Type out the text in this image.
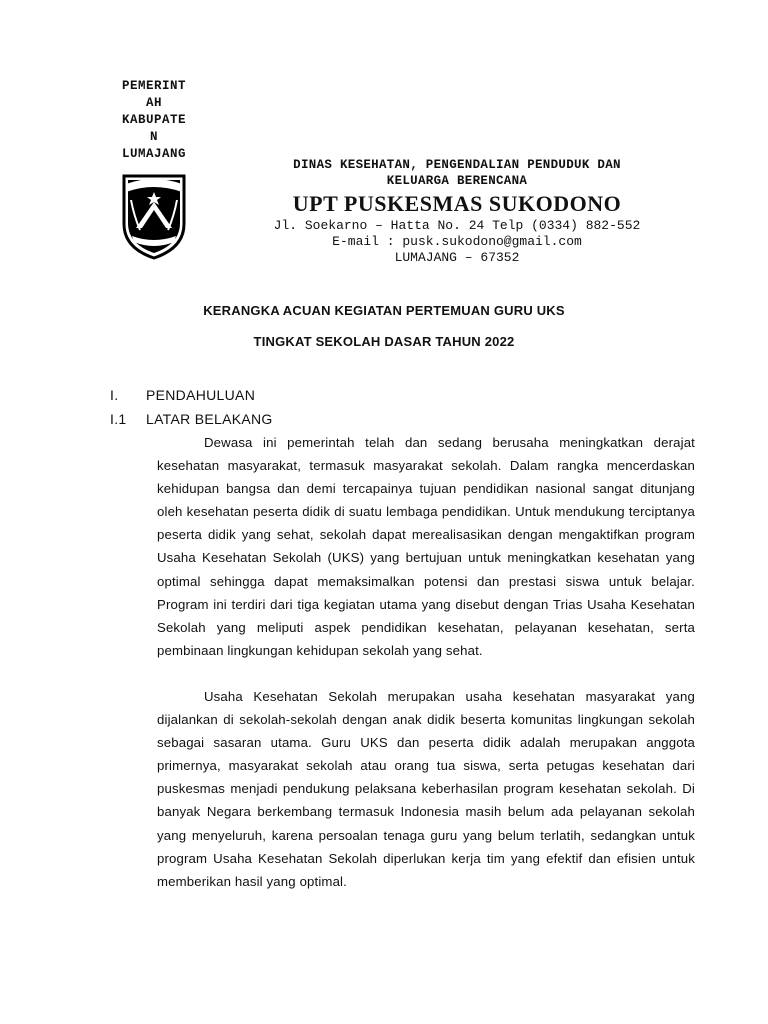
PEMERINT
AH
KABUPATE
N
LUMAJANG
DINAS KESEHATAN, PENGENDALIAN PENDUDUK DAN
KELUARGA BERENCANA
UPT PUSKESMAS SUKODONO
Jl. Soekarno – Hatta No. 24 Telp (0334) 882-552
E-mail : pusk.sukodono@gmail.com
LUMAJANG – 67352
KERANGKA ACUAN KEGIATAN PERTEMUAN GURU UKS
TINGKAT SEKOLAH DASAR TAHUN 2022
I. PENDAHULUAN
I.1 LATAR BELAKANG

Dewasa ini pemerintah telah dan sedang berusaha meningkatkan derajat kesehatan masyarakat, termasuk masyarakat sekolah. Dalam rangka mencerdaskan kehidupan bangsa dan demi tercapainya tujuan pendidikan nasional sangat ditunjang oleh kesehatan peserta didik di suatu lembaga pendidikan. Untuk mendukung terciptanya peserta didik yang sehat, sekolah dapat merealisasikan dengan mengaktifkan program Usaha Kesehatan Sekolah (UKS) yang bertujuan untuk meningkatkan kesehatan yang optimal sehingga dapat memaksimalkan potensi dan prestasi siswa untuk belajar. Program ini terdiri dari tiga kegiatan utama yang disebut dengan Trias Usaha Kesehatan Sekolah yang meliputi aspek pendidikan kesehatan, pelayanan kesehatan, serta pembinaan lingkungan kehidupan sekolah yang sehat.

Usaha Kesehatan Sekolah merupakan usaha kesehatan masyarakat yang dijalankan di sekolah-sekolah dengan anak didik beserta komunitas lingkungan sekolah sebagai sasaran utama. Guru UKS dan peserta didik adalah merupakan anggota primernya, masyarakat sekolah atau orang tua siswa, serta petugas kesehatan dari puskesmas menjadi pendukung pelaksana keberhasilan program kesehatan sekolah. Di banyak Negara berkembang termasuk Indonesia masih belum ada pelayanan sekolah yang menyeluruh, karena persoalan tenaga guru yang belum terlatih, sedangkan untuk program Usaha Kesehatan Sekolah diperlukan kerja tim yang efektif dan efisien untuk memberikan hasil yang optimal.
